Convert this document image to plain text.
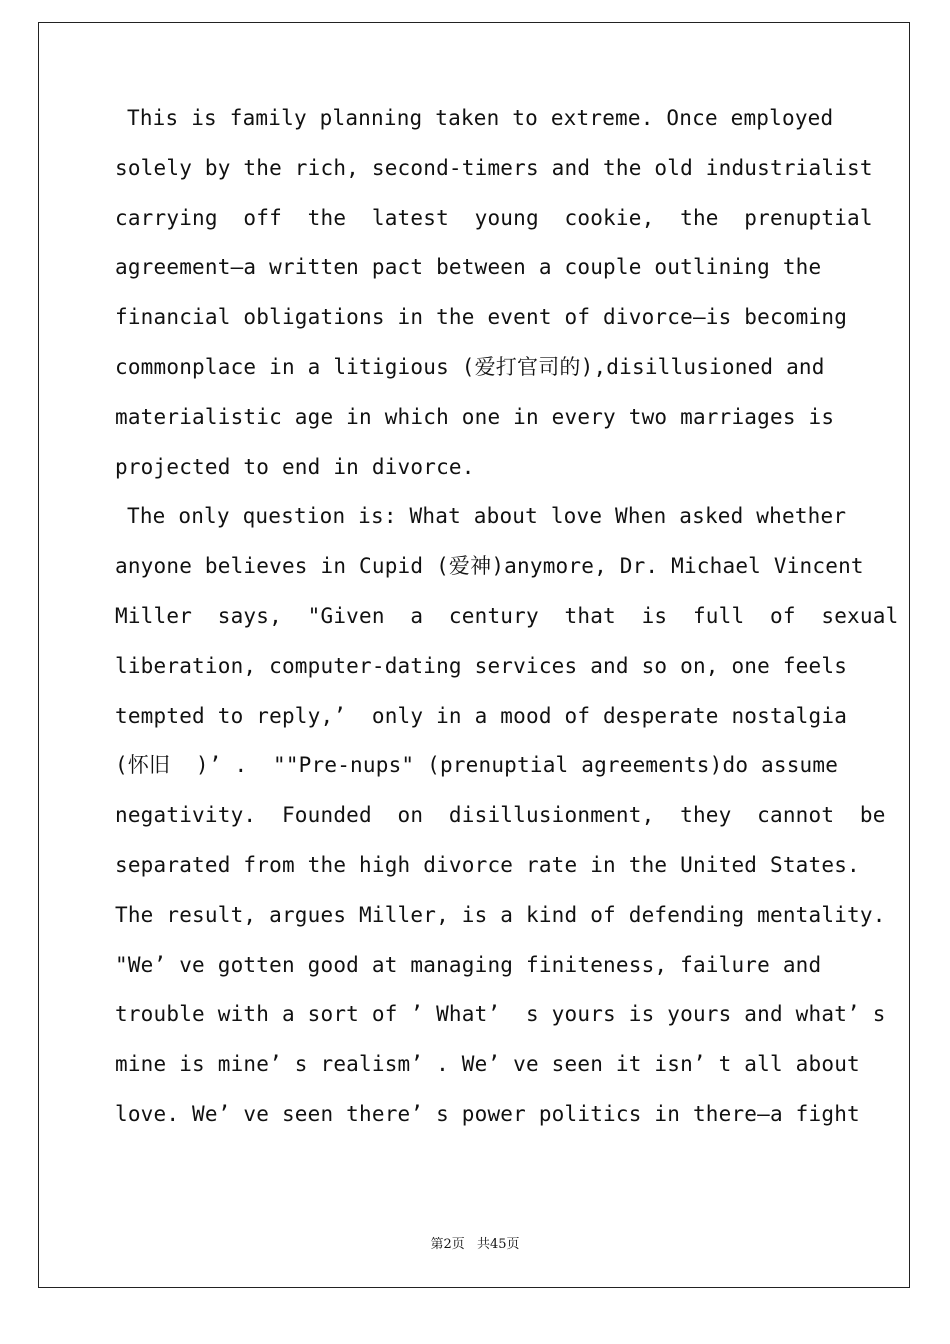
This is family planning taken to extreme. Once employed
solely by the rich, second-timers and the old industrialist
carrying  off  the  latest  young  cookie,  the  prenuptial
agreement—a written pact between a couple outlining the
financial obligations in the event of divorce—is becoming
commonplace in a litigious (爱打官司的),disillusioned and
materialistic age in which one in every two marriages is
projected to end in divorce.
The only question is: What about love When asked whether
anyone believes in Cupid (爱神)anymore, Dr. Michael Vincent
Miller  says,  "Given  a  century  that  is  full  of  sexual
liberation, computer-dating services and so on, one feels
tempted to reply,’  only in a mood of desperate nostalgia
(怀旧  )’ .  ""Pre-nups" (prenuptial agreements)do assume
negativity.  Founded  on  disillusionment,  they  cannot  be
separated from the high divorce rate in the United States.
The result, argues Miller, is a kind of defending mentality.
"We’ ve gotten good at managing finiteness, failure and
trouble with a sort of ’ What’  s yours is yours and what’ s
mine is mine’ s realism’ . We’ ve seen it isn’ t all about
love. We’ ve seen there’ s power politics in there—a fight
第2页 共45页
